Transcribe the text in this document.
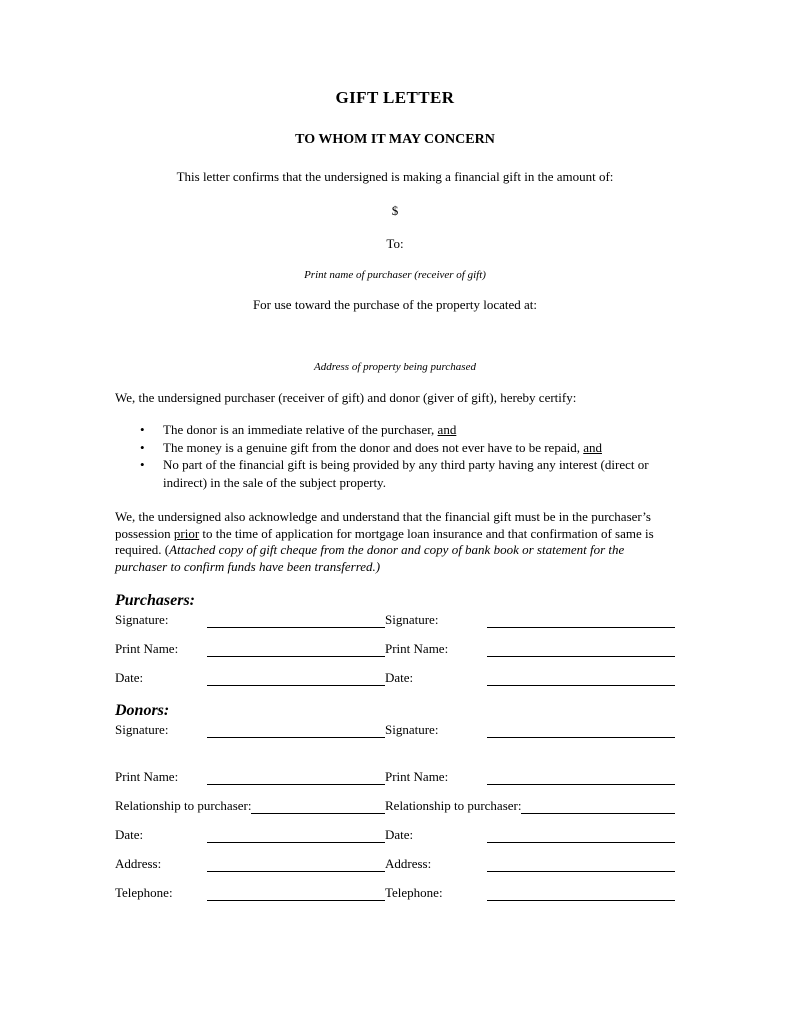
GIFT LETTER
TO WHOM IT MAY CONCERN

This letter confirms that the undersigned is making a financial gift in the amount of:

$

To:

Print name of purchaser (receiver of gift)

For use toward the purchase of the property located at:

Address of property being purchased

We, the undersigned purchaser (receiver of gift) and donor (giver of gift), hereby certify:

•
The donor is an immediate relative of the purchaser, and
•
The money is a genuine gift from the donor and does not ever have to be repaid, and
•
No part of the financial gift is being provided by any third party having any interest (direct or indirect) in the sale of the subject property.

We, the undersigned also acknowledge and understand that the financial gift must be in the purchaser’s possession prior to the time of application for mortgage loan insurance and that confirmation of same is required. (Attached copy of gift cheque from the donor and copy of bank book or statement for the purchaser to confirm funds have been transferred.)

Purchasers:
Signature:	Signature:
Print Name:	Print Name:
Date:	Date:
Donors:
Signature:	Signature:
Print Name:	Print Name:
Relationship to purchaser:	Relationship to purchaser:
Date:	Date:
Address:	Address:
Telephone:	Telephone:
